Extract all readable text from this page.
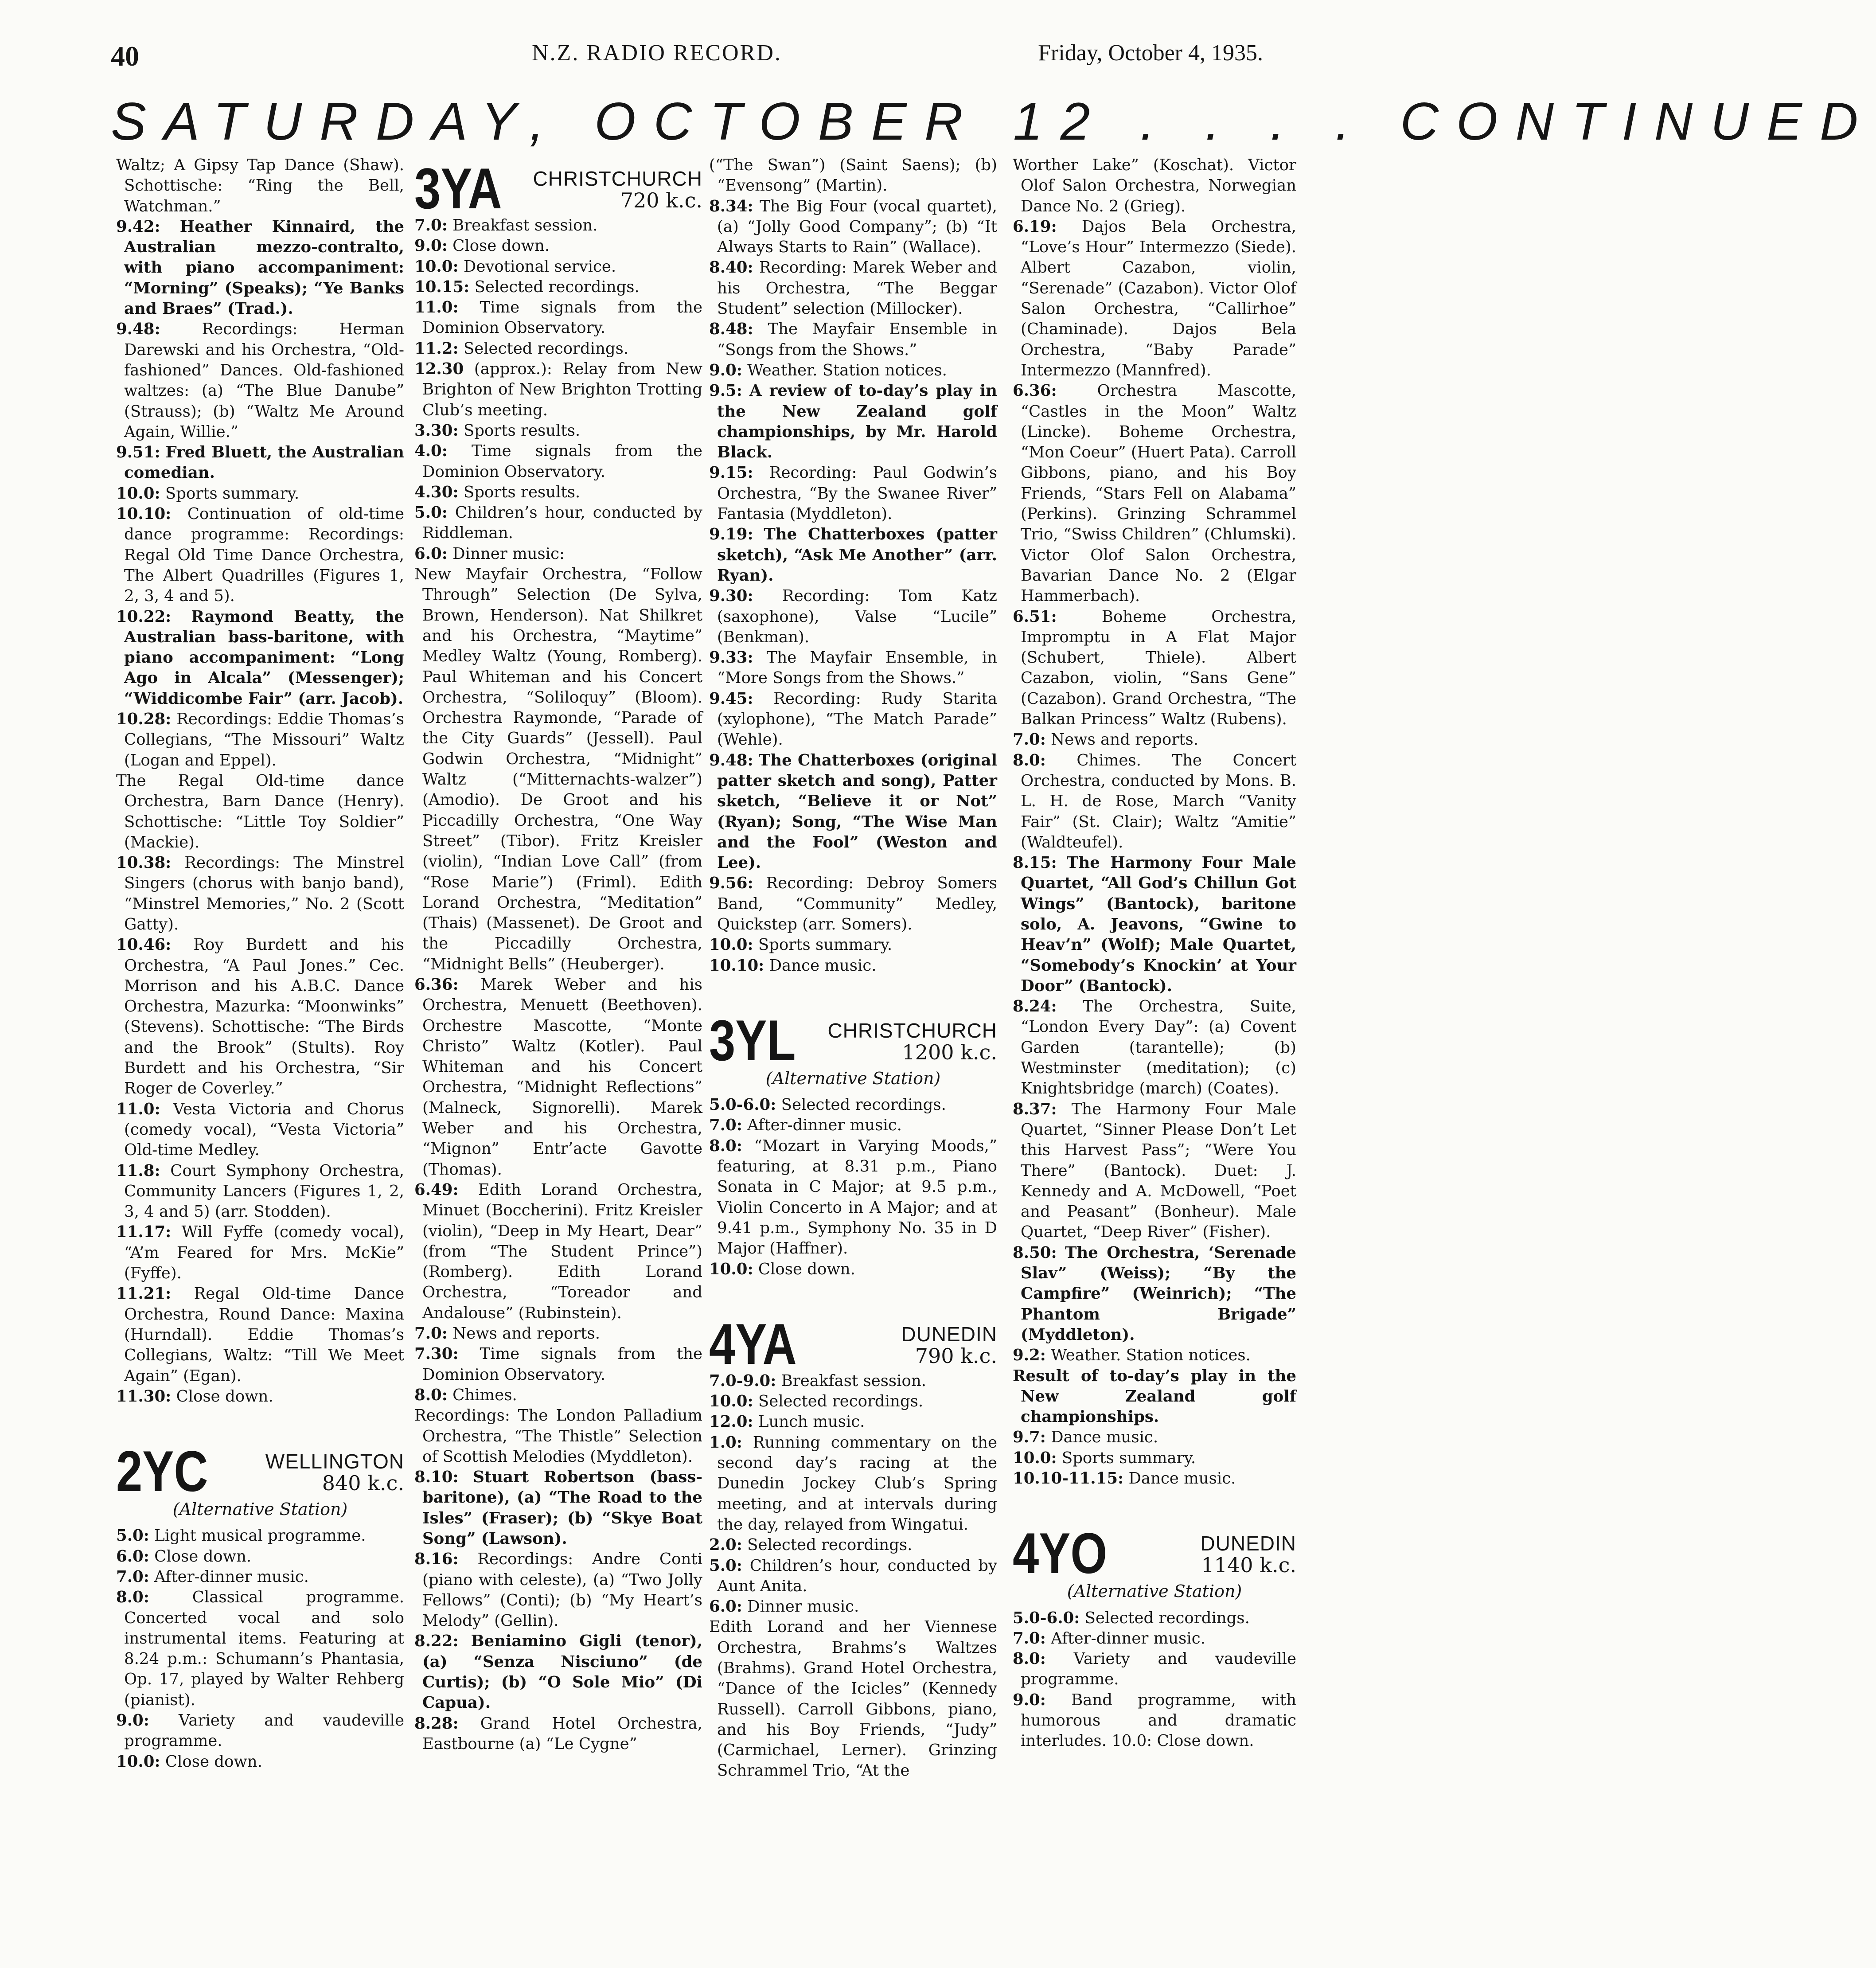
40	N.Z. RADIO RECORD.	Friday, October 4, 1935.
SATURDAY, OCTOBER 12 . . . . CONTINUED

Waltz; A Gipsy Tap Dance (Shaw). Schottische: “Ring the Bell, Watchman.”

9.42: Heather Kinnaird, the Australian mezzo-contralto, with piano accompaniment: “Morning” (Speaks); “Ye Banks and Braes” (Trad.).

9.48:	Recordings: Herman Darewski and his Orchestra, “Old-fashioned” Dances. Old-fashioned waltzes: (a) “The Blue Danube” (Strauss); (b) “Waltz Me Around Again, Willie.”

9.51: Fred Bluett, the Australian comedian.

10.0: Sports summary.

10.10: Continuation of old-time dance programme: Recordings: Regal Old Time Dance Orchestra, The Albert Quadrilles (Figures 1, 2, 3, 4 and 5).

10.22: Raymond Beatty, the Australian bass-baritone, with piano accompaniment: “Long Ago in Alcala” (Messenger); “Widdicombe Fair” (arr. Jacob).

10.28: Recordings: Eddie Thomas’s Collegians, “The Missouri” Waltz (Logan and Eppel).

The Regal Old-time dance Orchestra, Barn Dance (Henry). Schottische: “Little Toy Soldier” (Mackie).

10.38: Recordings: The Minstrel Singers (chorus with banjo band), “Minstrel Memories,” No. 2 (Scott Gatty).

10.46: Roy Burdett and his Orchestra, “A Paul Jones.” Cec. Morrison and his A.B.C. Dance Orchestra, Mazurka: “Moonwinks” (Stevens). Schottische: “The Birds and the Brook” (Stults). Roy Burdett and his Orchestra, “Sir Roger de Coverley.”

11.0: Vesta Victoria and Chorus (comedy vocal), “Vesta Victoria” Old-time Medley.

11.8: Court Symphony Orchestra, Community Lancers (Figures 1, 2, 3, 4 and 5) (arr. Stodden).

11.17: Will Fyffe (comedy vocal), “A’m Feared for Mrs. McKie” (Fyffe).

11.21: Regal Old-time Dance Orchestra, Round Dance: Maxina (Hurndall). Eddie Thomas’s Collegians, Waltz: “Till We Meet Again” (Egan).

11.30: Close down.

2YC	WELLINGTON
840 k.c.
(Alternative Station)

5.0: Light musical programme.

6.0: Close down.

7.0: After-dinner music.

8.0:	Classical programme. Concerted vocal and solo instrumental items. Featuring at 8.24 p.m.: Schumann’s Phantasia, Op. 17, played by Walter Rehberg (pianist).

9.0: Variety and vaudeville programme.

10.0: Close down.

3YA CHRISTCHURCH
720 k.c.

7.0: Breakfast session.

9.0: Close down.

10.0: Devotional service.

10.15: Selected recordings.

11.0: Time signals from the Dominion Observatory.

11.2: Selected recordings.

12.30 (approx.): Relay from New Brighton of New Brighton Trotting Club’s meeting.

3.30: Sports results.

4.0: Time signals from the Dominion Observatory.

4.30: Sports results.

5.0: Children’s hour, conducted by Riddleman.

6.0: Dinner music:

New Mayfair Orchestra, “Follow Through” Selection (De Sylva, Brown, Henderson). Nat Shilkret and his Orchestra, “Maytime” Medley Waltz (Young, Romberg). Paul Whiteman and his Concert Orchestra, “Soliloquy” (Bloom). Orchestra Raymonde, “Parade of the City Guards” (Jessell). Paul Godwin Orchestra, “Midnight” Waltz (“Mitternachts-walzer”) (Amodio). De Groot and his Piccadilly Orchestra, “One Way Street” (Tibor). Fritz Kreisler (violin), “Indian Love Call” (from “Rose Marie”) (Friml). Edith Lorand Orchestra, “Meditation” (Thais) (Massenet). De Groot and the Piccadilly Orchestra, “Midnight Bells” (Heuberger).

6.36: Marek Weber and his Orchestra, Menuett (Beethoven). Orchestre Mascotte, “Monte Christo” Waltz (Kotler). Paul Whiteman and his Concert Orchestra, “Midnight Reflections” (Malneck, Signorelli). Marek Weber and his Orchestra, “Mignon” Entr’acte Gavotte (Thomas).

6.49: Edith Lorand Orchestra, Minuet (Boccherini). Fritz Kreisler (violin), “Deep in My Heart, Dear” (from “The Student Prince”) (Romberg). Edith Lorand Orchestra, “Toreador and Andalouse” (Rubinstein).

7.0: News and reports.

7.30: Time signals from the Dominion Observatory.

8.0: Chimes.

Recordings: The London Palladium Orchestra, “The Thistle” Selection of Scottish Melodies (Myddleton).

8.10: Stuart Robertson (bass-baritone), (a) “The Road to the Isles” (Fraser); (b) “Skye Boat Song” (Lawson).

8.16: Recordings: Andre Conti (piano with celeste), (a) “Two Jolly Fellows” (Conti); (b) “My Heart’s Melody” (Gellin).

8.22: Beniamino Gigli (tenor), (a) “Senza Nisciuno” (de Curtis); (b) “O Sole Mio” (Di Capua).

8.28: Grand Hotel Orchestra, Eastbourne (a) “Le Cygne”

(“The Swan”) (Saint Saens); (b) “Evensong” (Martin).

8.34: The Big Four (vocal quartet), (a) “Jolly Good Company”; (b) “It Always Starts to Rain” (Wallace).

8.40: Recording: Marek Weber and his Orchestra, “The Beggar Student” selection (Millocker).

8.48: The Mayfair Ensemble in “Songs from the Shows.”

9.0: Weather. Station notices.

9.5: A review of to-day’s play in the New Zealand golf championships, by Mr. Harold Black.

9.15: Recording: Paul Godwin’s Orchestra, “By the Swanee River” Fantasia (Myddleton).

9.19: The Chatterboxes (patter sketch), “Ask Me Another” (arr. Ryan).

9.30: Recording: Tom Katz (saxophone), Valse “Lucile” (Benkman).

9.33: The Mayfair Ensemble, in “More Songs from the Shows.”

9.45: Recording: Rudy Starita (xylophone), “The Match Parade” (Wehle).

9.48: The Chatterboxes (original patter sketch and song), Patter sketch, “Believe it or Not” (Ryan); Song, “The Wise Man and the Fool” (Weston and Lee).

9.56: Recording: Debroy Somers Band, “Community” Medley, Quickstep (arr. Somers).

10.0: Sports summary.

10.10: Dance music.

3YL CHRISTCHURCH
1200 k.c.
(Alternative Station)

5.0-6.0: Selected recordings.

7.0: After-dinner music.

8.0: “Mozart in Varying Moods,” featuring, at 8.31 p.m., Piano Sonata in C Major; at 9.5 p.m., Violin Concerto in A Major; and at 9.41 p.m., Symphony No. 35 in D Major (Haffner).

10.0: Close down.

4YA	DUNEDIN
790 k.c.

7.0-9.0: Breakfast session.

10.0: Selected recordings.

12.0: Lunch music.

1.0: Running commentary on the second day’s racing at the Dunedin Jockey Club’s Spring meeting, and at intervals during the day, relayed from Wingatui.

2.0: Selected recordings.

5.0: Children’s hour, conducted by Aunt Anita.

6.0: Dinner music.

Edith Lorand and her Viennese Orchestra, Brahms’s Waltzes (Brahms). Grand Hotel Orchestra, “Dance of the Icicles” (Kennedy Russell). Carroll Gibbons, piano, and his Boy Friends, “Judy” (Carmichael, Lerner). Grinzing Schrammel Trio, “At the

Worther Lake” (Koschat). Victor Olof Salon Orchestra, Norwegian Dance No. 2 (Grieg).

6.19: Dajos Bela Orchestra, “Love’s Hour” Intermezzo (Siede). Albert Cazabon, violin, “Serenade” (Cazabon). Victor Olof Salon Orchestra, “Callirhoe” (Chaminade). Dajos Bela Orchestra, “Baby Parade” Intermezzo (Mannfred).

6.36:	Orchestra Mascotte, “Castles in the Moon” Waltz (Lincke). Boheme Orchestra, “Mon Coeur” (Huert Pata). Carroll Gibbons, piano, and his Boy Friends, “Stars Fell on Alabama” (Perkins). Grinzing Schrammel Trio, “Swiss Children” (Chlumski). Victor Olof Salon Orchestra, Bavarian Dance No. 2 (Elgar Hammerbach).

6.51:	Boheme Orchestra, Impromptu in A Flat Major (Schubert, Thiele). Albert Cazabon, violin, “Sans Gene” (Cazabon). Grand Orchestra, “The Balkan Princess” Waltz (Rubens).

7.0: News and reports.

8.0: Chimes. The Concert Orchestra, conducted by Mons. B. L. H. de Rose, March “Vanity Fair” (St. Clair); Waltz “Amitie” (Waldteufel).

8.15: The Harmony Four Male Quartet, “All God’s Chillun Got Wings” (Bantock), baritone solo, A. Jeavons, “Gwine to Heav’n” (Wolf); Male Quartet, “Somebody’s Knockin’ at Your Door” (Bantock).

8.24: The Orchestra, Suite, “London Every Day”: (a) Covent Garden (tarantelle); (b) Westminster (meditation); (c) Knightsbridge (march) (Coates).

8.37: The Harmony Four Male Quartet, “Sinner Please Don’t Let this Harvest Pass”; “Were You There” (Bantock). Duet: J. Kennedy and A. McDowell, “Poet and Peasant” (Bonheur). Male Quartet, “Deep River” (Fisher).

8.50: The Orchestra, ‘Serenade Slav” (Weiss); “By the Campfire” (Weinrich); “The Phantom Brigade” (Myddleton).

9.2: Weather. Station notices.

Result of to-day’s play in the New Zealand golf championships.

9.7: Dance music.

10.0: Sports summary.

10.10-11.15: Dance music.

4YO	DUNEDIN
1140 k.c.
(Alternative Station)

5.0-6.0: Selected recordings.

7.0: After-dinner music.

8.0: Variety and vaudeville programme.

9.0: Band programme, with humorous and dramatic interludes. 10.0: Close down.
